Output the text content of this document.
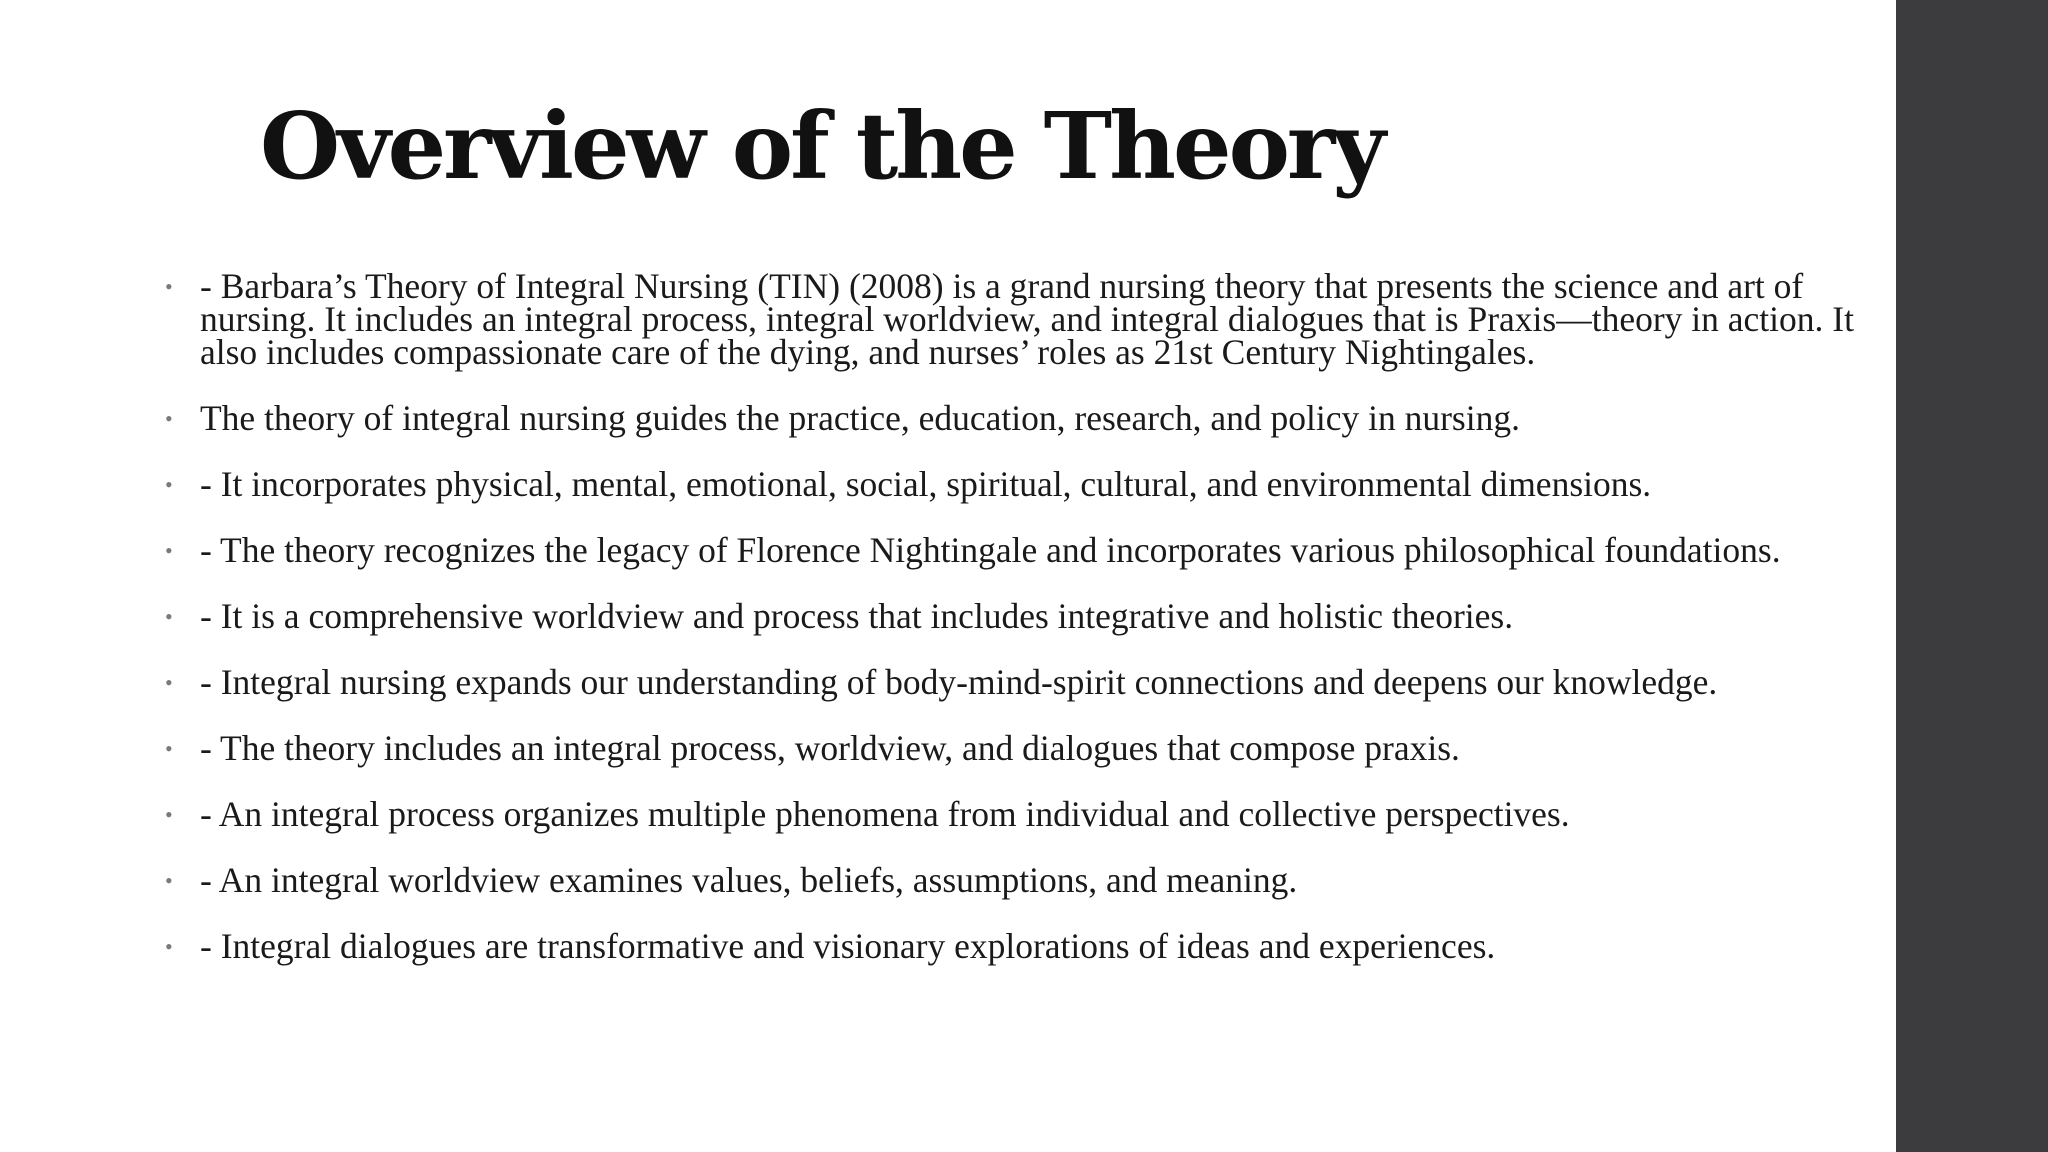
Overview of the Theory
• - Barbara’s Theory of Integral Nursing (TIN) (2008) is a grand nursing theory that presents the science and art of nursing. It includes an integral process, integral worldview, and integral dialogues that is Praxis—theory in action. It also includes compassionate care of the dying, and nurses’ roles as 21st Century Nightingales.
• The theory of integral nursing guides the practice, education, research, and policy in nursing.
• - It incorporates physical, mental, emotional, social, spiritual, cultural, and environmental dimensions.
• - The theory recognizes the legacy of Florence Nightingale and incorporates various philosophical foundations.
• - It is a comprehensive worldview and process that includes integrative and holistic theories.
• - Integral nursing expands our understanding of body-mind-spirit connections and deepens our knowledge.
• - The theory includes an integral process, worldview, and dialogues that compose praxis.
• - An integral process organizes multiple phenomena from individual and collective perspectives.
• - An integral worldview examines values, beliefs, assumptions, and meaning.
• - Integral dialogues are transformative and visionary explorations of ideas and experiences.
